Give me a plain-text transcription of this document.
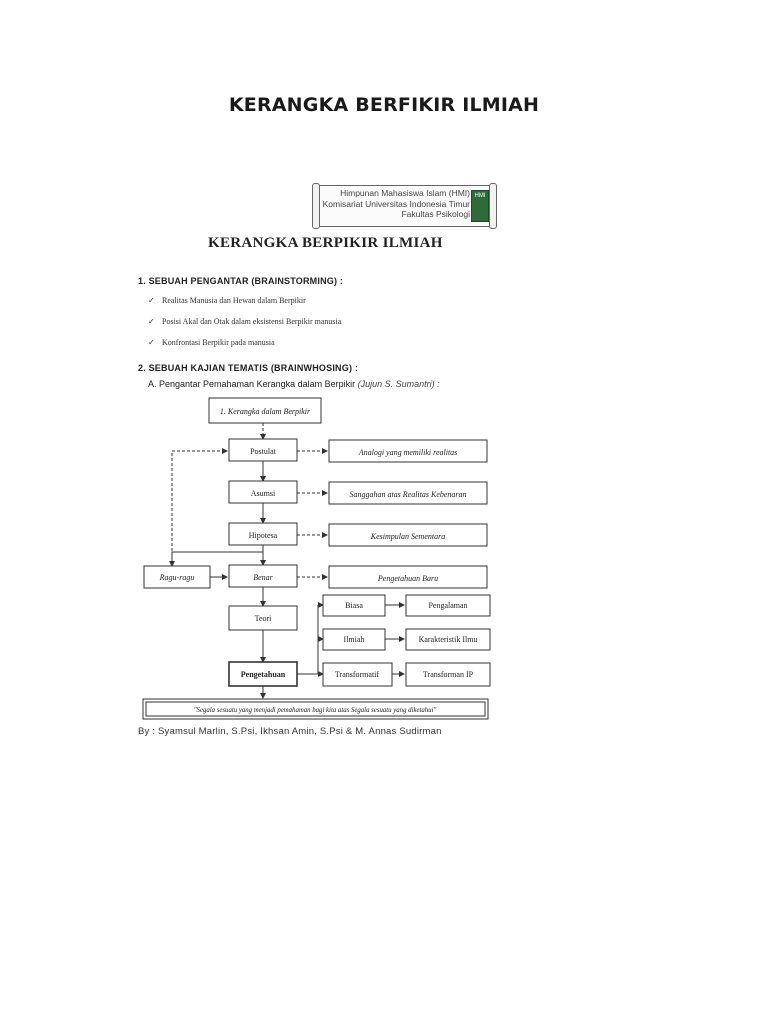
KERANGKA BERFIKIR ILMIAH
Himpunan Mahasiswa Islam (HMI)
Komisariat Universitas Indonesia Timur
Fakultas Psikologi
HMI
KERANGKA BERPIKIR ILMIAH
1. SEBUAH PENGANTAR (BRAINSTORMING) :
✓ Realitas Manusia dan Hewan dalam Berpikir
✓ Posisi Akal dan Otak dalam eksistensi Berpikir manusia
✓ Konfrontasi Berpikir pada manusia
2. SEBUAH KAJIAN TEMATIS (BRAINWHOSING) :
A. Pengantar Pemahaman Kerangka dalam Berpikir (Jujun S. Sumantri) :
1. Kerangka dalam Berpikir
Postulat	Analogi yang memiliki realitas
Asumsi	Sanggahan atas Realitas Kebenaran
Hipotesa	Kesimpulan Sementara
Ragu-ragu	Benar	Pengetahuan Baru
Teori
Pengetahuan
Biasa	Pengalaman
Ilmiah	Karakteristik Ilmu
Transformatif	Transforman IP
"Segala sesuatu yang menjadi pemahaman bagi kita atas Segala sesuatu yang diketahui"
By : Syamsul Marlin, S.Psi, Ikhsan Amin, S.Psi & M. Annas Sudirman
